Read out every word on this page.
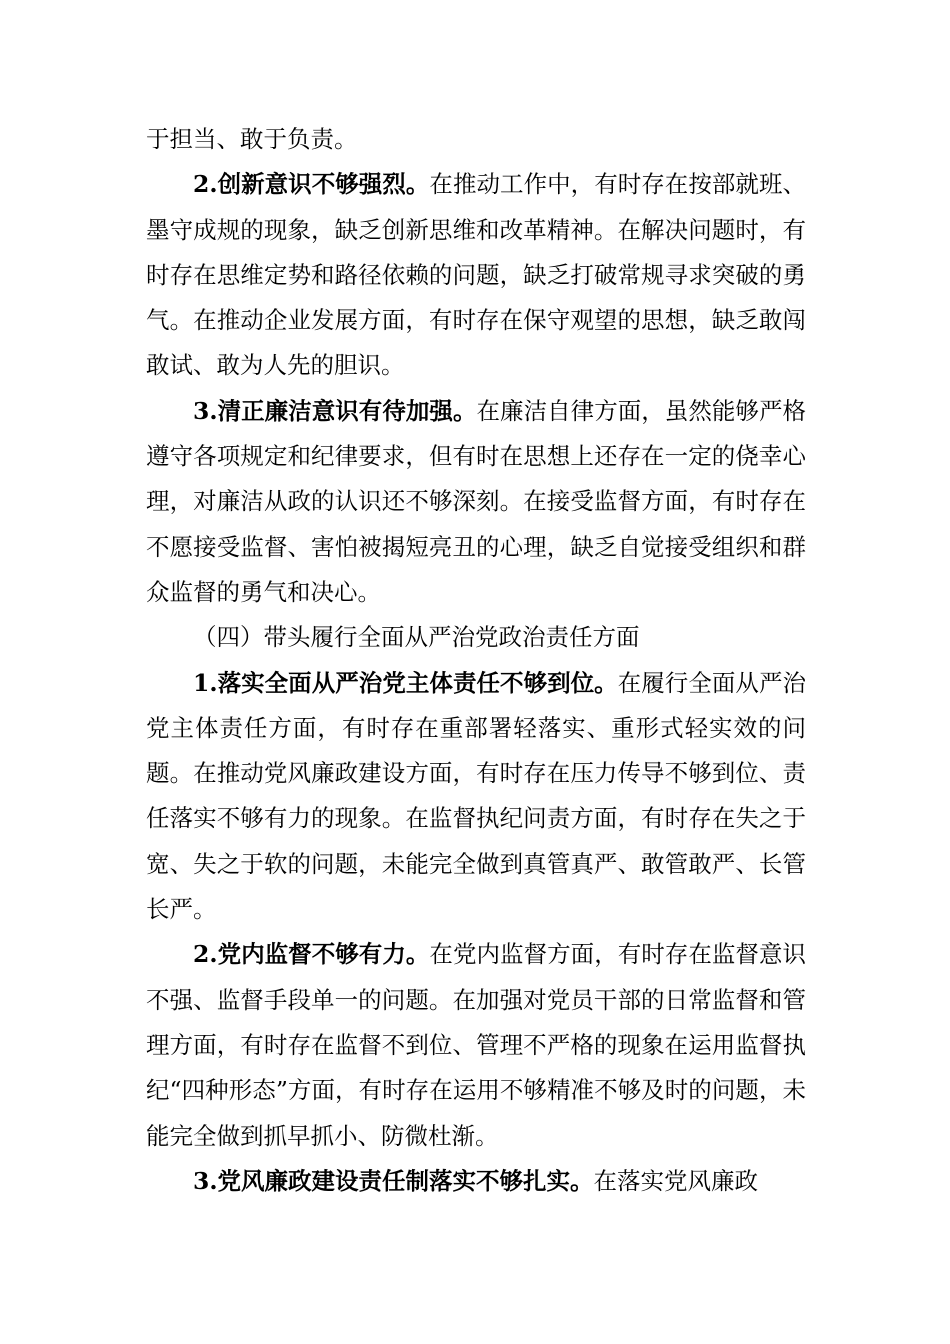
于担当、敢于负责。

2.创新意识不够强烈。在推动工作中，有时存在按部就班、墨守成规的现象，缺乏创新思维和改革精神。在解决问题时，有时存在思维定势和路径依赖的问题，缺乏打破常规寻求突破的勇气。在推动企业发展方面，有时存在保守观望的思想，缺乏敢闯敢试、敢为人先的胆识。

3.清正廉洁意识有待加强。在廉洁自律方面，虽然能够严格遵守各项规定和纪律要求，但有时在思想上还存在一定的侥幸心理，对廉洁从政的认识还不够深刻。在接受监督方面，有时存在不愿接受监督、害怕被揭短亮丑的心理，缺乏自觉接受组织和群众监督的勇气和决心。

（四）带头履行全面从严治党政治责任方面

1.落实全面从严治党主体责任不够到位。在履行全面从严治党主体责任方面，有时存在重部署轻落实、重形式轻实效的问题。在推动党风廉政建设方面，有时存在压力传导不够到位、责任落实不够有力的现象。在监督执纪问责方面，有时存在失之于宽、失之于软的问题，未能完全做到真管真严、敢管敢严、长管长严。

2.党内监督不够有力。在党内监督方面，有时存在监督意识不强、监督手段单一的问题。在加强对党员干部的日常监督和管理方面，有时存在监督不到位、管理不严格的现象在运用监督执纪“四种形态”方面，有时存在运用不够精准不够及时的问题，未能完全做到抓早抓小、防微杜渐。

3.党风廉政建设责任制落实不够扎实。在落实党风廉政
